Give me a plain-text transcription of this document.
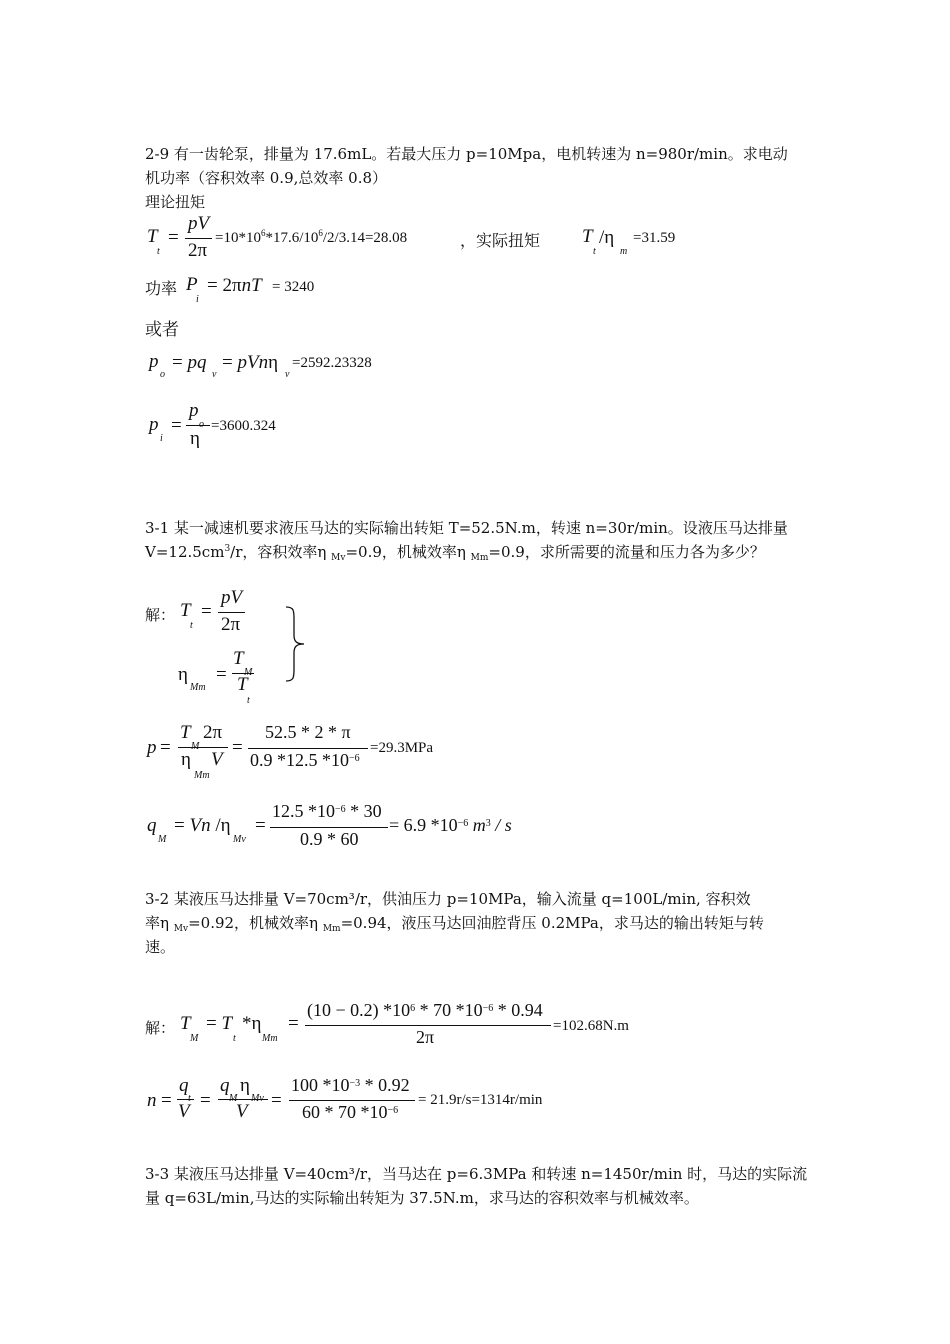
2-9 有一齿轮泵，排量为 17.6mL。若最大压力 p=10Mpa，电机转速为 n=980r/min。求电动
机功率（容积效率 0.9,总效率 0.8）
理论扭矩
T
t
=
pV
2π
$=10*10^6*17.6/10^6/2/3.14=28.08$	，实际扭矩 T
t
/η
m
=31.59
功率 P
i
= 2πnT = 3240
或者
p
o
= pq
v
= pVnη
v
=2592.23328
p
i
=
p
η
=3600.324
3-1 某一减速机要求液压马达的实际输出转矩 T=52.5N.m，转速 n=30r/min。设液压马达排量
$V=12.5cm^3/r$，容积效率η $_{Mv}$=0.9，机械效率η $_{Mm}$=0.9，求所需要的流量和压力各为多少？
解： T
t
=
pV
2π
η
Mm
=
T
T
t
p =
T 2π
η
Mm
V
=
52.5 * 2 * π
0.9 *12.5 $*10^{-6}$
=29.3MPa
q
M
= Vn /η
Mv
=
12.5 $*10^{-6} * 30$
0.9 * 60
= 6.9 $*10^{-6}$ $m^3$ / s
3-2 某液压马达排量 V=70cm³/r，供油压力 p=10MPa，输入流量 q=100L/min, 容积效
率η $_{Mv}$=0.92，机械效率η $_{Mm}$=0.94，液压马达回油腔背压 0.2MPa，求马达的输出转矩与转
速。
解： T
M
= T
t
*η
Mm
=
(10 − 0.2) $*10^6 * 70$ $*10^{-6} * 0.94$
2π
=102.68N.m
n =
q
V
=
q η
V
=
100 $*10^{-3} * 0.92$
60 * 70 $*10^{-6}$
= 21.9r/s=1314r/min
3-3 某液压马达排量 V=40cm³/r，当马达在 p=6.3MPa 和转速 n=1450r/min 时，马达的实际流
量 q=63L/min,马达的实际输出转矩为 37.5N.m，求马达的容积效率与机械效率。
